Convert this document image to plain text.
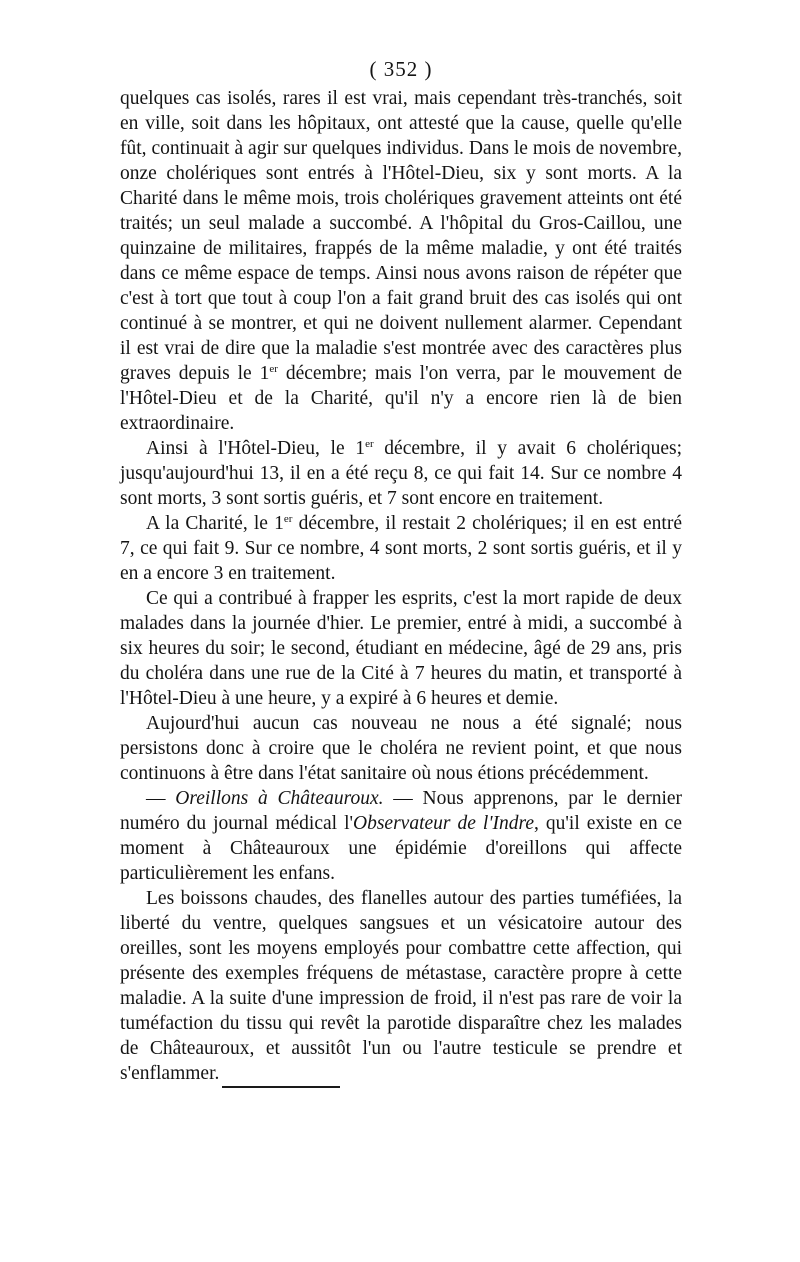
( 352 )

quelques cas isolés, rares il est vrai, mais cependant très-tranchés, soit en ville, soit dans les hôpitaux, ont attesté que la cause, quelle qu'elle fût, continuait à agir sur quelques individus. Dans le mois de novembre, onze cholériques sont entrés à l'Hôtel-Dieu, six y sont morts. A la Charité dans le même mois, trois cholériques gravement atteints ont été traités; un seul malade a succombé. A l'hôpital du Gros-Caillou, une quinzaine de militaires, frappés de la même maladie, y ont été traités dans ce même espace de temps. Ainsi nous avons raison de répéter que c'est à tort que tout à coup l'on a fait grand bruit des cas isolés qui ont continué à se montrer, et qui ne doivent nullement alarmer. Cependant il est vrai de dire que la maladie s'est montrée avec des caractères plus graves depuis le 1er décembre; mais l'on verra, par le mouvement de l'Hôtel-Dieu et de la Charité, qu'il n'y a encore rien là de bien extraordinaire.

Ainsi à l'Hôtel-Dieu, le 1er décembre, il y avait 6 cholériques; jusqu'aujourd'hui 13, il en a été reçu 8, ce qui fait 14. Sur ce nombre 4 sont morts, 3 sont sortis guéris, et 7 sont encore en traitement.

A la Charité, le 1er décembre, il restait 2 cholériques; il en est entré 7, ce qui fait 9. Sur ce nombre, 4 sont morts, 2 sont sortis guéris, et il y en a encore 3 en traitement.

Ce qui a contribué à frapper les esprits, c'est la mort rapide de deux malades dans la journée d'hier. Le premier, entré à midi, a succombé à six heures du soir; le second, étudiant en médecine, âgé de 29 ans, pris du choléra dans une rue de la Cité à 7 heures du matin, et transporté à l'Hôtel-Dieu à une heure, y a expiré à 6 heures et demie.

Aujourd'hui aucun cas nouveau ne nous a été signalé; nous persistons donc à croire que le choléra ne revient point, et que nous continuons à être dans l'état sanitaire où nous étions précédemment.

— Oreillons à Châteauroux. — Nous apprenons, par le dernier numéro du journal médical l'Observateur de l'Indre, qu'il existe en ce moment à Châteauroux une épidémie d'oreillons qui affecte particulièrement les enfans.

Les boissons chaudes, des flanelles autour des parties tuméfiées, la liberté du ventre, quelques sangsues et un vésicatoire autour des oreilles, sont les moyens employés pour combattre cette affection, qui présente des exemples fréquens de métastase, caractère propre à cette maladie. A la suite d'une impression de froid, il n'est pas rare de voir la tuméfaction du tissu qui revêt la parotide disparaître chez les malades de Châteauroux, et aussitôt l'un ou l'autre testicule se prendre et s'enflammer.
